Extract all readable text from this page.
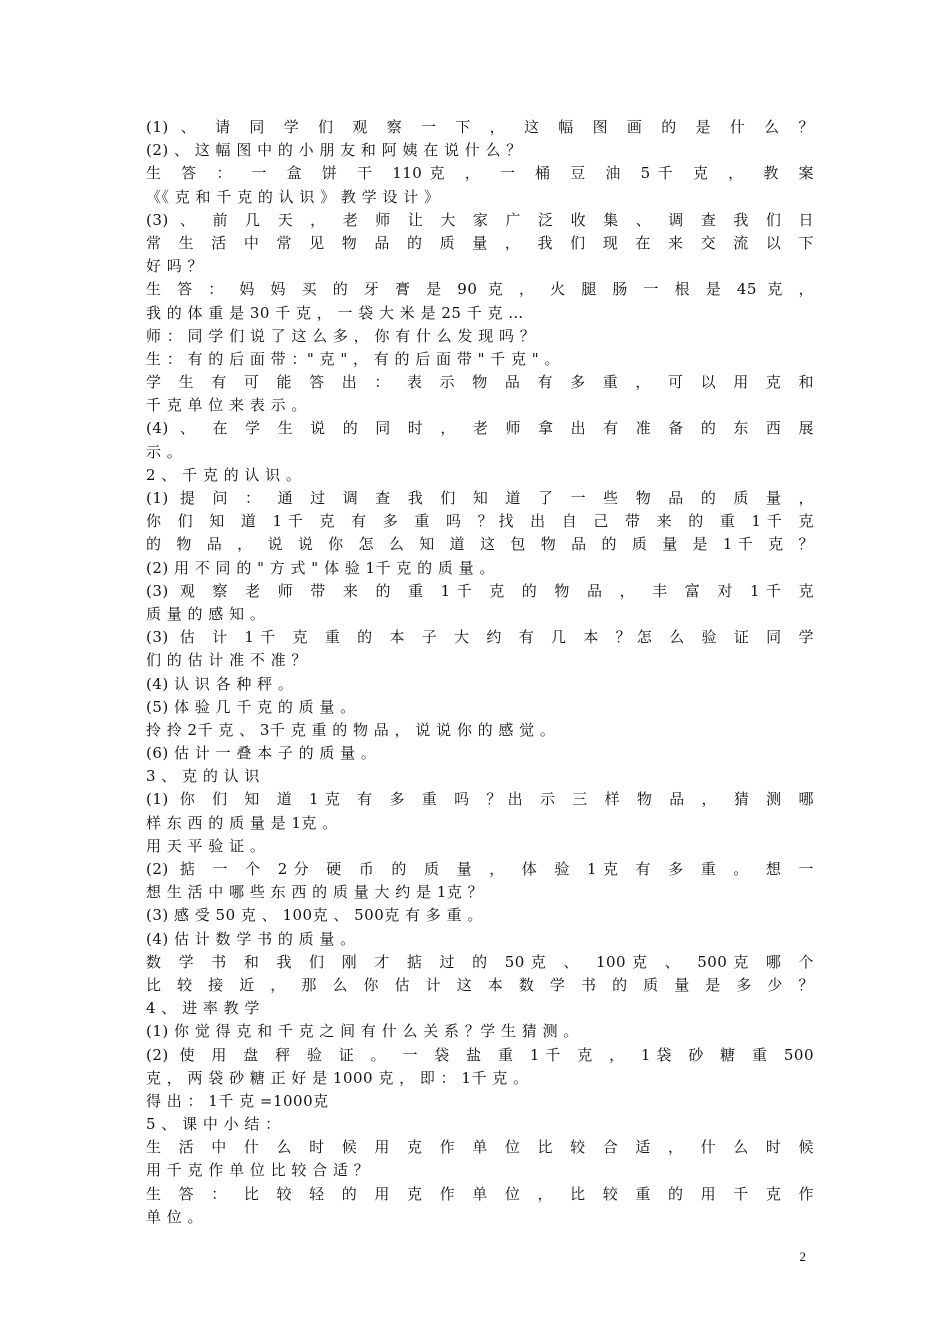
(1) 、 请 同 学 们 观 察 一 下 ， 这 幅 图 画 的 是 什 么 ？
(2) 、 这 幅 图 中 的 小 朋 友 和 阿 姨 在 说 什 么 ？
生 答 ： 一 盒 饼 干 110克 ， 一 桶 豆 油 5千 克 ， 教 案
《《 克 和 千 克 的 认 识 》 教 学 设 计 》
(3) 、 前 几 天 ， 老 师 让 大 家 广 泛 收 集 、 调 查 我 们 日
常 生 活 中 常 见 物 品 的 质 量 ， 我 们 现 在 来 交 流 以 下
好 吗 ？
生 答 ： 妈 妈 买 的 牙 膏 是 90 克 ， 火 腿 肠 一 根 是 45 克 ，
我 的 体 重 是 30 千 克 ， 一 袋 大 米 是 25 千 克 …
师 ： 同 学 们 说 了 这 么 多 ， 你 有 什 么 发 现 吗 ？
生 ： 有 的 后 面 带 ：" 克 " ， 有 的 后 面 带 " 千 克 " 。
学 生 有 可 能 答 出 ： 表 示 物 品 有 多 重 ， 可 以 用 克 和
千 克 单 位 来 表 示 。
(4) 、 在 学 生 说 的 同 时 ， 老 师 拿 出 有 准 备 的 东 西 展
示 。
2 、 千 克 的 认 识 。
(1) 提 问 ： 通 过 调 查 我 们 知 道 了 一 些 物 品 的 质 量 ，
你 们 知 道 1千 克 有 多 重 吗 ？找 出 自 己 带 来 的 重 1千 克
的 物 品 ， 说 说 你 怎 么 知 道 这 包 物 品 的 质 量 是 1千 克 ？
(2) 用 不 同 的 " 方 式 " 体 验 1千 克 的 质 量 。
(3) 观 察 老 师 带 来 的 重 1千 克 的 物 品 ， 丰 富 对 1千 克
质 量 的 感 知 。
(3) 估 计 1千 克 重 的 本 子 大 约 有 几 本 ？怎 么 验 证 同 学
们 的 估 计 准 不 准 ？
(4) 认 识 各 种 秤 。
(5) 体 验 几 千 克 的 质 量 。
拎 拎 2千 克 、 3千 克 重 的 物 品 ， 说 说 你 的 感 觉 。
(6) 估 计 一 叠 本 子 的 质 量 。
3 、 克 的 认 识
(1) 你 们 知 道 1克 有 多 重 吗 ？出 示 三 样 物 品 ， 猜 测 哪
样 东 西 的 质 量 是 1克 。
用 天 平 验 证 。
(2) 掂 一 个 2分 硬 币 的 质 量 ， 体 验 1克 有 多 重 。 想 一
想 生 活 中 哪 些 东 西 的 质 量 大 约 是 1克 ？
(3) 感 受 50 克 、 100克 、 500克 有 多 重 。
(4) 估 计 数 学 书 的 质 量 。
数 学 书 和 我 们 刚 才 掂 过 的 50克 、 100克 、 500克 哪 个
比 较 接 近 ， 那 么 你 估 计 这 本 数 学 书 的 质 量 是 多 少 ？
4 、 进 率 教 学
(1) 你 觉 得 克 和 千 克 之 间 有 什 么 关 系 ？学 生 猜 测 。
(2) 使 用 盘 秤 验 证 。 一 袋 盐 重 1千 克 ， 1袋 砂 糖 重 500
克 ， 两 袋 砂 糖 正 好 是 1000 克 ， 即 ： 1千 克 。
得 出 ： 1千 克 =1000克
5 、 课 中 小 结 ：
生 活 中 什 么 时 候 用 克 作 单 位 比 较 合 适 ， 什 么 时 候
用 千 克 作 单 位 比 较 合 适 ？
生 答 ： 比 较 轻 的 用 克 作 单 位 ， 比 较 重 的 用 千 克 作
单 位 。
2
